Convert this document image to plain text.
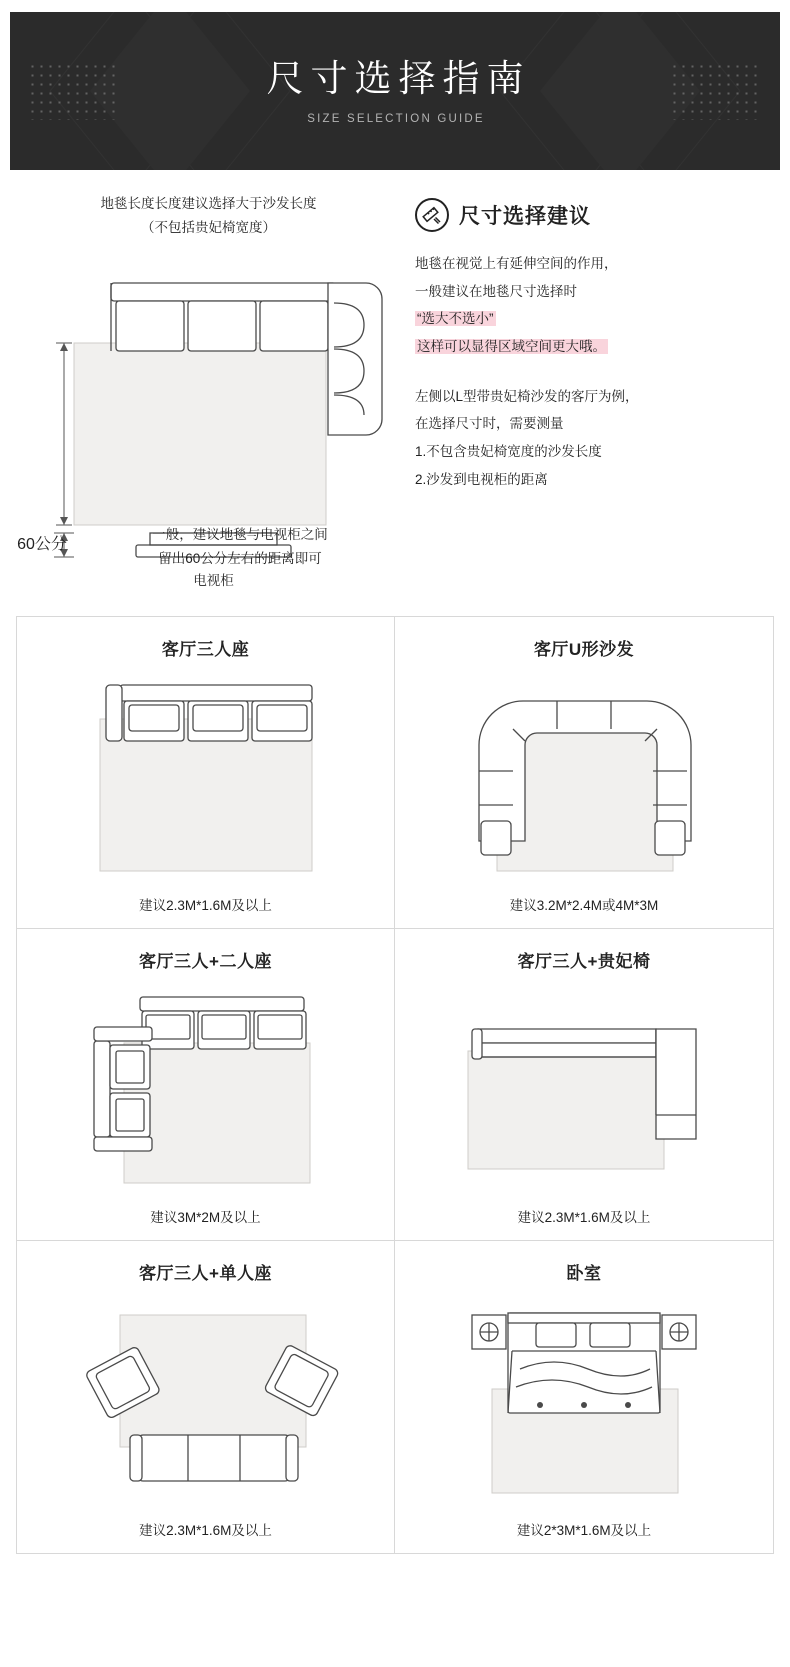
尺寸选择指南
SIZE SELECTION GUIDE
地毯长度长度建议选择大于沙发长度
（不包括贵妃椅宽度）
60公分
一般，建议地毯与电视柜之间
留出60公分左右的距离即可
电视柜
尺寸选择建议

地毯在视觉上有延伸空间的作用，
一般建议在地毯尺寸选择时
“选大不选小”
这样可以显得区域空间更大哦。

左侧以L型带贵妃椅沙发的客厅为例，
在选择尺寸时，需要测量
1.不包含贵妃椅宽度的沙发长度
2.沙发到电视柜的距离

客厅三人座
建议2.3M*1.6M及以上
客厅U形沙发
建议3.2M*2.4M或4M*3M
客厅三人+二人座
建议3M*2M及以上
客厅三人+贵妃椅
建议2.3M*1.6M及以上
客厅三人+单人座
建议2.3M*1.6M及以上
卧室
建议2*3M*1.6M及以上
